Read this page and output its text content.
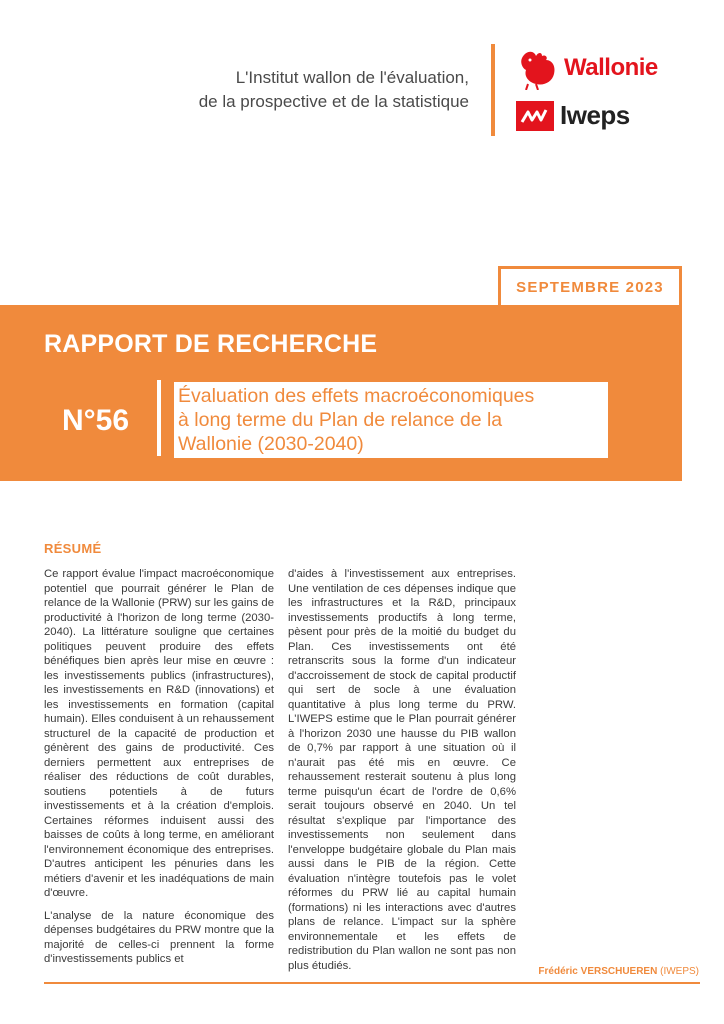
L'Institut wallon de l'évaluation,
de la prospective et de la statistique
Wallonie
Iweps
SEPTEMBRE 2023
RAPPORT DE RECHERCHE
N°56
Évaluation des effets macroéconomiques
à long terme du Plan de relance de la
Wallonie (2030-2040)
RÉSUMÉ

Ce rapport évalue l'impact macroéconomique potentiel que pourrait générer le Plan de relance de la Wallonie (PRW) sur les gains de productivité à l'horizon de long terme (2030-2040). La littérature souligne que certaines politiques peuvent produire des effets bénéfiques bien après leur mise en œuvre : les investissements publics (infrastructures), les investissements en R&D (innovations) et les investissements en formation (capital humain). Elles conduisent à un rehaussement structurel de la capacité de production et génèrent des gains de productivité. Ces derniers permettent aux entreprises de réaliser des réductions de coût durables, soutiens potentiels à de futurs investissements et à la création d'emplois. Certaines réformes induisent aussi des baisses de coûts à long terme, en améliorant l'environnement économique des entreprises. D'autres anticipent les pénuries dans les métiers d'avenir et les inadéquations de main d'œuvre.

L'analyse de la nature économique des dépenses budgétaires du PRW montre que la majorité de celles-ci prennent la forme d'investissements publics et

d'aides à l'investissement aux entreprises. Une ventilation de ces dépenses indique que les infrastructures et la R&D, principaux investissements productifs à long terme, pèsent pour près de la moitié du budget du Plan. Ces investissements ont été retranscrits sous la forme d'un indicateur d'accroissement de stock de capital productif qui sert de socle à une évaluation quantitative à plus long terme du PRW. L'IWEPS estime que le Plan pourrait générer à l'horizon 2030 une hausse du PIB wallon de 0,7% par rapport à une situation où il n'aurait pas été mis en œuvre. Ce rehaussement resterait soutenu à plus long terme puisqu'un écart de l'ordre de 0,6% serait toujours observé en 2040. Un tel résultat s'explique par l'importance des investissements non seulement dans l'enveloppe budgétaire globale du Plan mais aussi dans le PIB de la région. Cette évaluation n'intègre toutefois pas le volet réformes du PRW lié au capital humain (formations) ni les interactions avec d'autres plans de relance. L'impact sur la sphère environnementale et les effets de redistribution du Plan wallon ne sont pas non plus étudiés.	Frédéric VERSCHUEREN (IWEPS)
